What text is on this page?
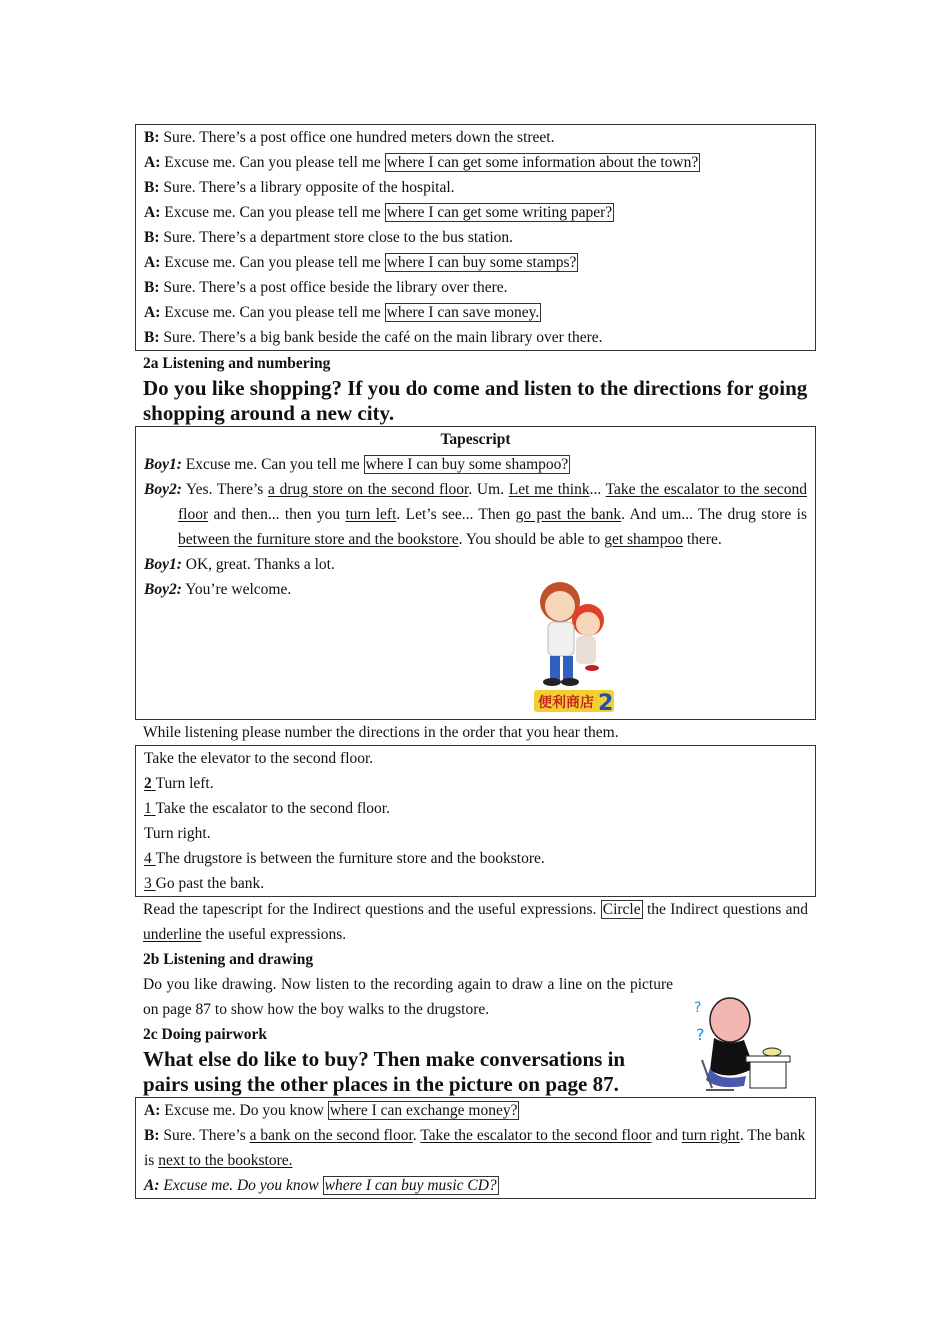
B: Sure. There’s a post office one hundred meters down the street.
A: Excuse me. Can you please tell me where I can get some information about the town?
B: Sure. There’s a library opposite of the hospital.
A: Excuse me. Can you please tell me where I can get some writing paper?
B: Sure. There’s a department store close to the bus station.
A: Excuse me. Can you please tell me where I can buy some stamps?
B: Sure. There’s a post office beside the library over there.
A: Excuse me. Can you please tell me where I can save money.
B: Sure. There’s a big bank beside the café on the main library over there.
2a Listening and numbering
Do you like shopping? If you do come and listen to the directions for going shopping around a new city.
Tapescript
Boy1: Excuse me. Can you tell me where I can buy some shampoo?
Boy2: Yes. There’s a drug store on the second floor. Um. Let me think... Take the escalator to the second floor and then... then you turn left. Let’s see... Then go past the bank. And um... The drug store is between the furniture store and the bookstore. You should be able to get shampoo there.
Boy1: OK, great. Thanks a lot.
Boy2: You’re welcome.
While listening please number the directions in the order that you hear them.
Take the elevator to the second floor.
2 Turn left.
1 Take the escalator to the second floor.
Turn right.
4 The drugstore is between the furniture store and the bookstore.
3 Go past the bank.
Read the tapescript for the Indirect questions and the useful expressions. Circle the Indirect questions and underline the useful expressions.
2b Listening and drawing
Do you like drawing. Now listen to the recording again to draw a line on the picture on page 87 to show how the boy walks to the drugstore.
2c Doing pairwork
What else do like to buy? Then make conversations in pairs using the other places in the picture on page 87.
A: Excuse me. Do you know where I can exchange money?
B: Sure. There’s a bank on the second floor. Take the escalator to the second floor and turn right. The bank is next to the bookstore.
A: Excuse me. Do you know where I can buy music CD?
便利商店 2
?
?
